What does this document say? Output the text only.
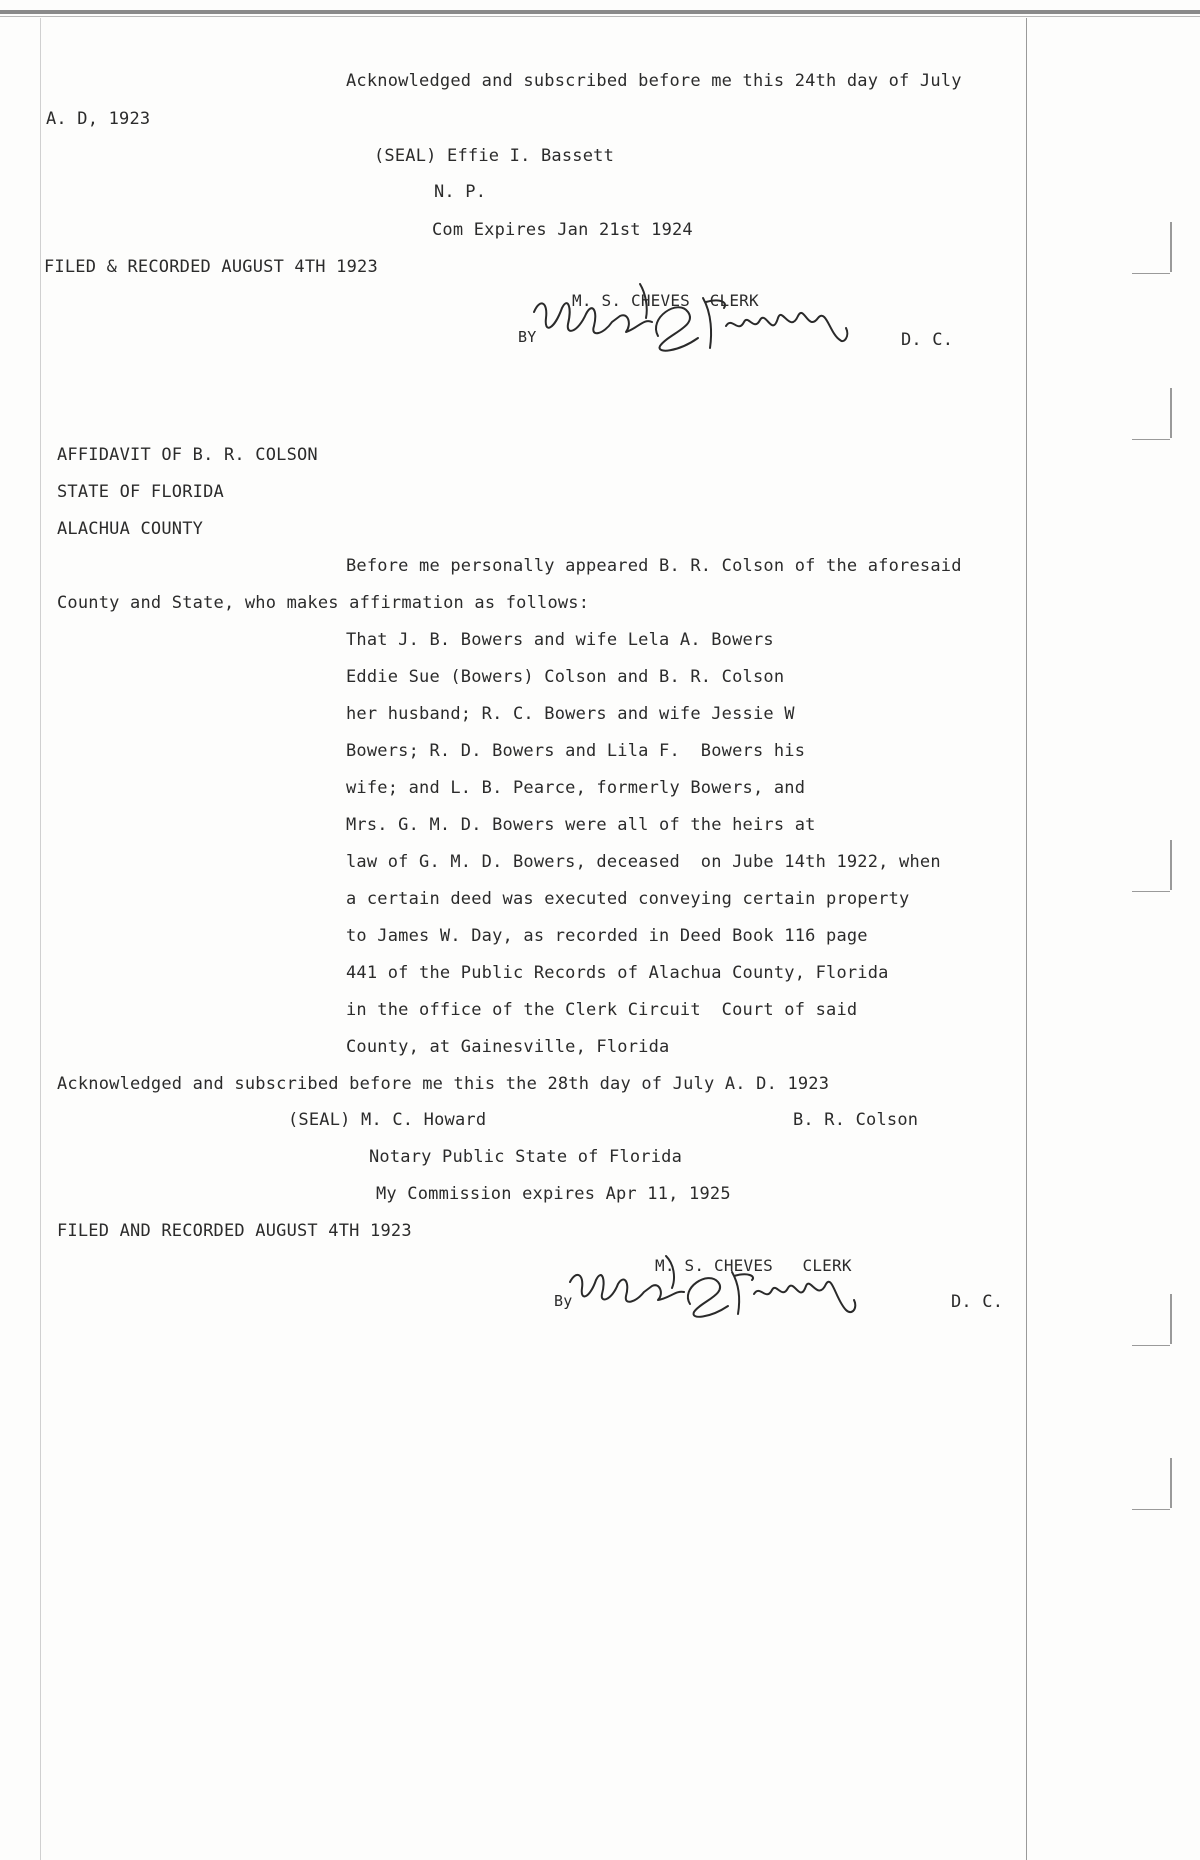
Acknowledged and subscribed before me this 24th day of July
A. D, 1923
(SEAL) Effie I. Bassett
N. P.
Com Expires Jan 21st 1924
FILED & RECORDED AUGUST 4TH 1923
M. S. CHEVES  CLERK
BY	D. C.
AFFIDAVIT OF B. R. COLSON
STATE OF FLORIDA
ALACHUA COUNTY
Before me personally appeared B. R. Colson of the aforesaid
County and State, who makes affirmation as follows:
That J. B. Bowers and wife Lela A. Bowers
Eddie Sue (Bowers) Colson and B. R. Colson
her husband; R. C. Bowers and wife Jessie W
Bowers; R. D. Bowers and Lila F.  Bowers his
wife; and L. B. Pearce, formerly Bowers, and
Mrs. G. M. D. Bowers were all of the heirs at
law of G. M. D. Bowers, deceased  on Jube 14th 1922, when
a certain deed was executed conveying certain property
to James W. Day, as recorded in Deed Book 116 page
441 of the Public Records of Alachua County, Florida
in the office of the Clerk Circuit  Court of said
County, at Gainesville, Florida
Acknowledged and subscribed before me this the 28th day of July A. D. 1923
(SEAL) M. C. Howard	B. R. Colson
Notary Public State of Florida
My Commission expires Apr 11, 1925
FILED AND RECORDED AUGUST 4TH 1923
M. S. CHEVES   CLERK
By	D. C.
